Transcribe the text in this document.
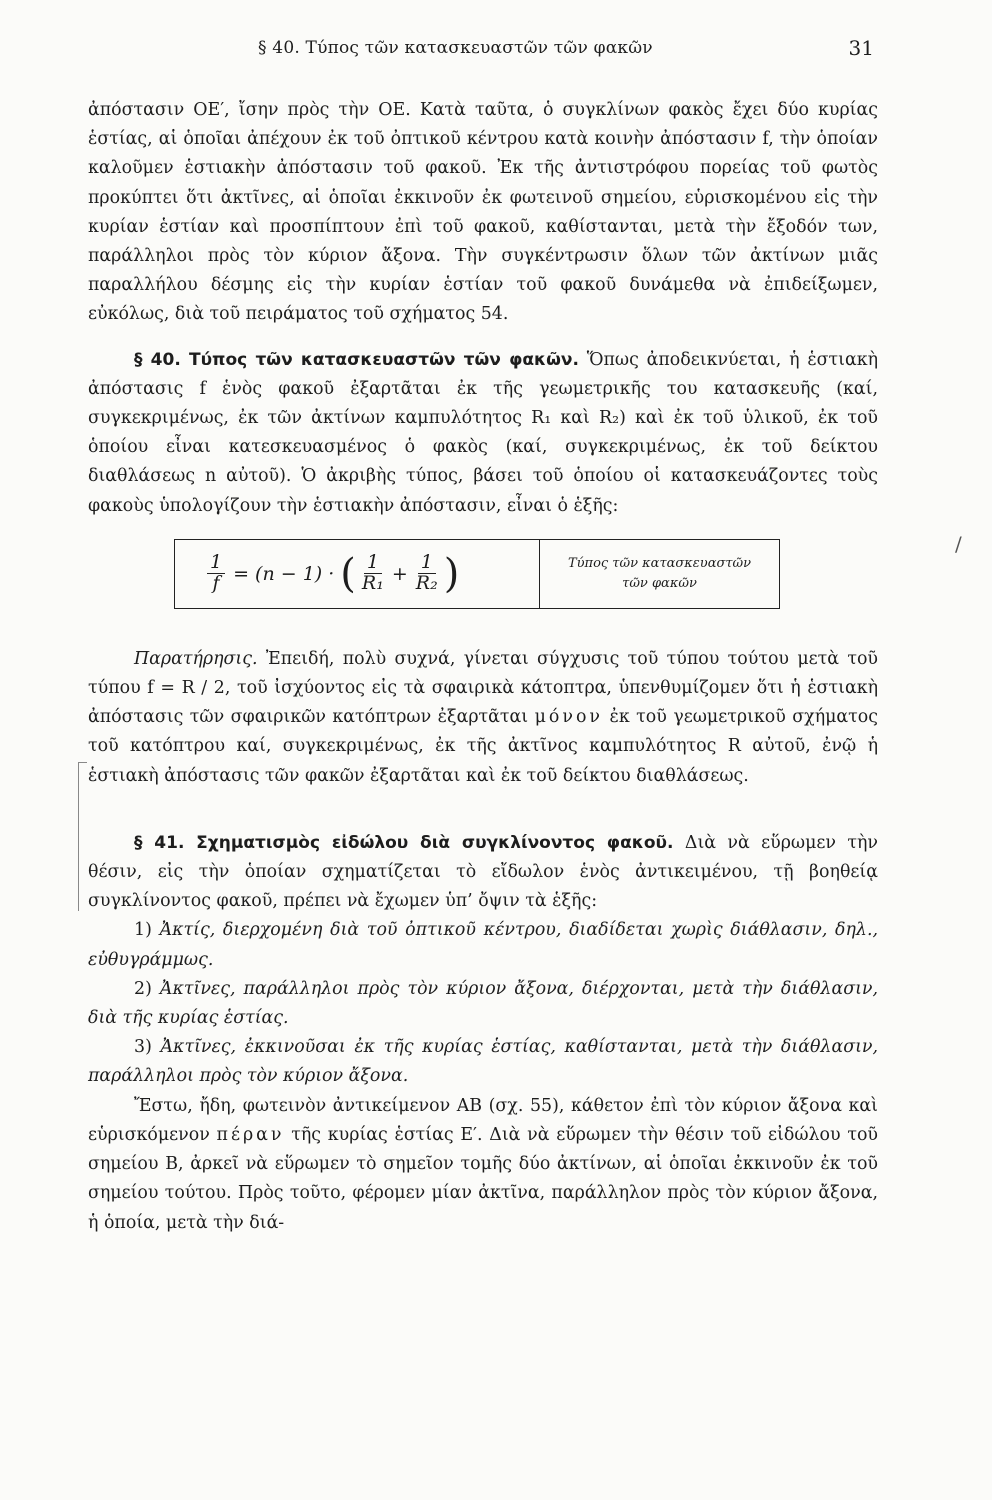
§ 40. Τύπος τῶν κατασκευαστῶν τῶν φακῶν	31

ἀπόστασιν OE′, ἴσην πρὸς τὴν OE. Κατὰ ταῦτα, ὁ συγκλίνων φακὸς ἔχει δύο κυρίας ἑστίας, αἱ ὁποῖαι ἀπέχουν ἐκ τοῦ ὀπτικοῦ κέντρου κατὰ κοινὴν ἀπόστασιν f, τὴν ὁποίαν καλοῦμεν ἑστιακὴν ἀπόστασιν τοῦ φακοῦ. Ἐκ τῆς ἀντιστρόφου πορείας τοῦ φωτὸς προκύπτει ὅτι ἀκτῖνες, αἱ ὁποῖαι ἐκκινοῦν ἐκ φωτεινοῦ σημείου, εὑρισκομένου εἰς τὴν κυρίαν ἑστίαν καὶ προσπίπτουν ἐπὶ τοῦ φακοῦ, καθίστανται, μετὰ τὴν ἔξοδόν των, παράλληλοι πρὸς τὸν κύριον ἄξονα. Τὴν συγκέντρωσιν ὅλων τῶν ἀκτίνων μιᾶς παραλλήλου δέσμης εἰς τὴν κυρίαν ἑστίαν τοῦ φακοῦ δυνάμεθα νὰ ἐπιδείξωμεν, εὐκόλως, διὰ τοῦ πειράματος τοῦ σχήματος 54.

§ 40. Τύπος τῶν κατασκευαστῶν τῶν φακῶν. Ὅπως ἀποδεικνύεται, ἡ ἑστιακὴ ἀπόστασις f ἑνὸς φακοῦ ἐξαρτᾶται ἐκ τῆς γεωμετρικῆς του κατασκευῆς (καί, συγκεκριμένως, ἐκ τῶν ἀκτίνων καμπυλότητος R₁ καὶ R₂) καὶ ἐκ τοῦ ὑλικοῦ, ἐκ τοῦ ὁποίου εἶναι κατεσκευασμένος ὁ φακὸς (καί, συγκεκριμένως, ἐκ τοῦ δείκτου διαθλάσεως n αὐτοῦ). Ὁ ἀκριβὴς τύπος, βάσει τοῦ ὁποίου οἱ κατασκευάζοντες τοὺς φακοὺς ὑπολογίζουν τὴν ἑστιακὴν ἀπόστασιν, εἶναι ὁ ἑξῆς:

$\frac{1}{f} = (n - 1)$ · ( $\frac{1}{\text{R₁}} + \frac{1}{\text{R₂}}$ )	Τύπος τῶν κατασκευαστῶν
τῶν φακῶν

Παρατήρησις. Ἐπειδή, πολὺ συχνά, γίνεται σύγχυσις τοῦ τύπου τούτου μετὰ τοῦ τύπου f = R / 2, τοῦ ἰσχύοντος εἰς τὰ σφαιρικὰ κάτοπτρα, ὑπενθυμίζομεν ὅτι ἡ ἑστιακὴ ἀπόστασις τῶν σφαιρικῶν κατόπτρων ἐξαρτᾶται μόνον ἐκ τοῦ γεωμετρικοῦ σχήματος τοῦ κατόπτρου καί, συγκεκριμένως, ἐκ τῆς ἀκτῖνος καμπυλότητος R αὐτοῦ, ἐνῷ ἡ ἑστιακὴ ἀπόστασις τῶν φακῶν ἐξαρτᾶται καὶ ἐκ τοῦ δείκτου διαθλάσεως.

§ 41. Σχηματισμὸς εἰδώλου διὰ συγκλίνοντος φακοῦ. Διὰ νὰ εὕρωμεν τὴν θέσιν, εἰς τὴν ὁποίαν σχηματίζεται τὸ εἴδωλον ἑνὸς ἀντικειμένου, τῇ βοηθείᾳ συγκλίνοντος φακοῦ, πρέπει νὰ ἔχωμεν ὑπ’ ὄψιν τὰ ἑξῆς:

1) Ἀκτίς, διερχομένη διὰ τοῦ ὀπτικοῦ κέντρου, διαδίδεται χωρὶς διάθλασιν, δηλ., εὐθυγράμμως.

2) Ἀκτῖνες, παράλληλοι πρὸς τὸν κύριον ἄξονα, διέρχονται, μετὰ τὴν διάθλασιν, διὰ τῆς κυρίας ἑστίας.

3) Ἀκτῖνες, ἐκκινοῦσαι ἐκ τῆς κυρίας ἑστίας, καθίστανται, μετὰ τὴν διάθλασιν, παράλληλοι πρὸς τὸν κύριον ἄξονα.

Ἔστω, ἤδη, φωτεινὸν ἀντικείμενον AB (σχ. 55), κάθετον ἐπὶ τὸν κύριον ἄξονα καὶ εὑρισκόμενον πέραν τῆς κυρίας ἑστίας E′. Διὰ νὰ εὕρωμεν τὴν θέσιν τοῦ εἰδώλου τοῦ σημείου B, ἀρκεῖ νὰ εὕρωμεν τὸ σημεῖον τομῆς δύο ἀκτίνων, αἱ ὁποῖαι ἐκκινοῦν ἐκ τοῦ σημείου τούτου. Πρὸς τοῦτο, φέρομεν μίαν ἀκτῖνα, παράλληλον πρὸς τὸν κύριον ἄξονα, ἡ ὁποία, μετὰ τὴν διά-

/
